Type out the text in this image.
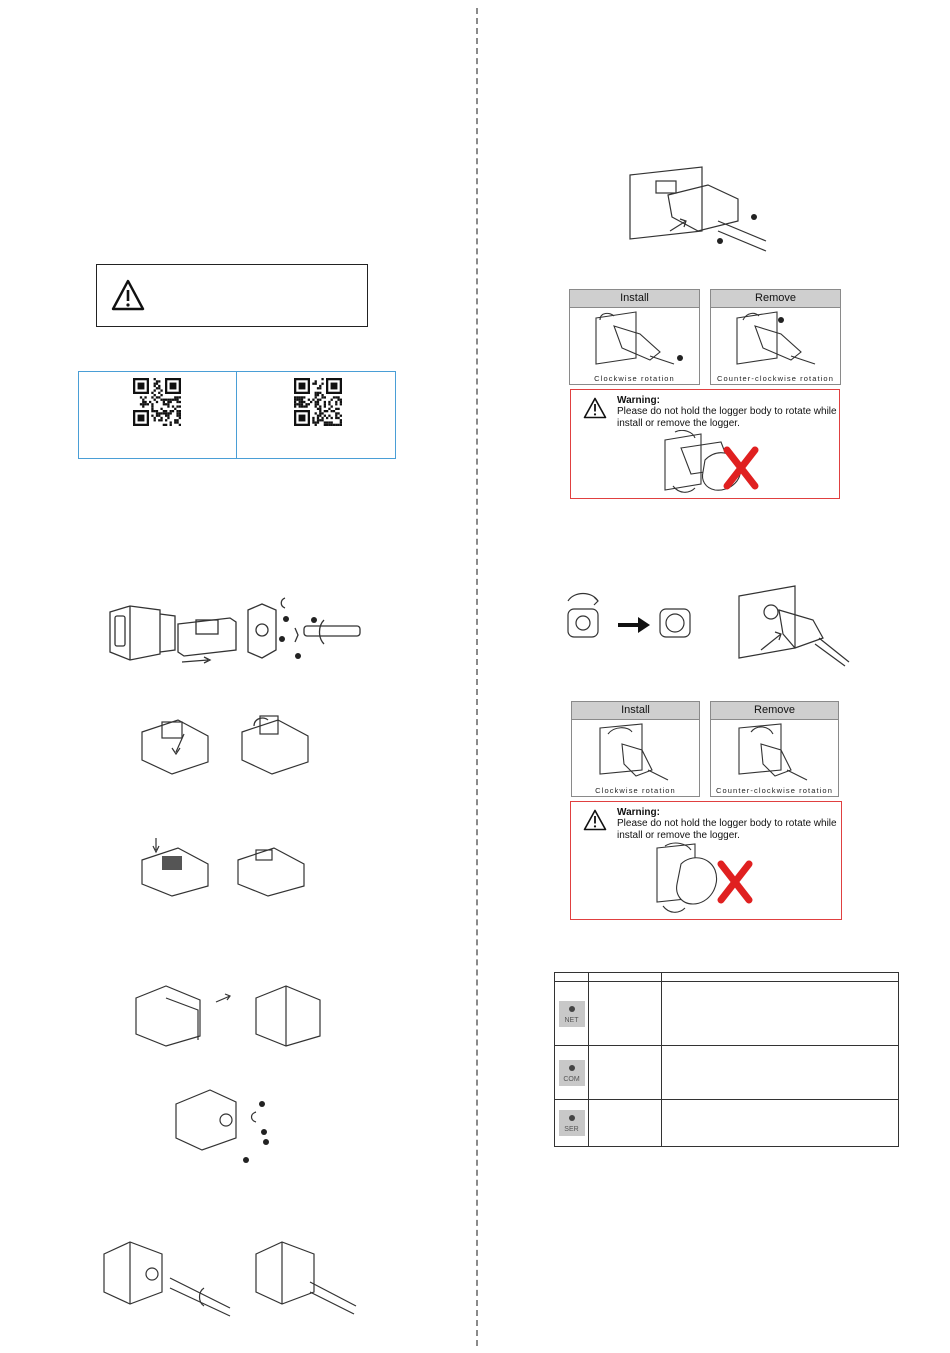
Install
Clockwise rotation
Remove
Counter-clockwise rotation
Warning:
Please do not hold the logger body to rotate while install or remove the logger.
Install
Clockwise rotation
Remove
Counter-clockwise rotation
Warning:
Please do not hold the logger body to rotate while install or remove the logger.

NET		

COM		

SER		
